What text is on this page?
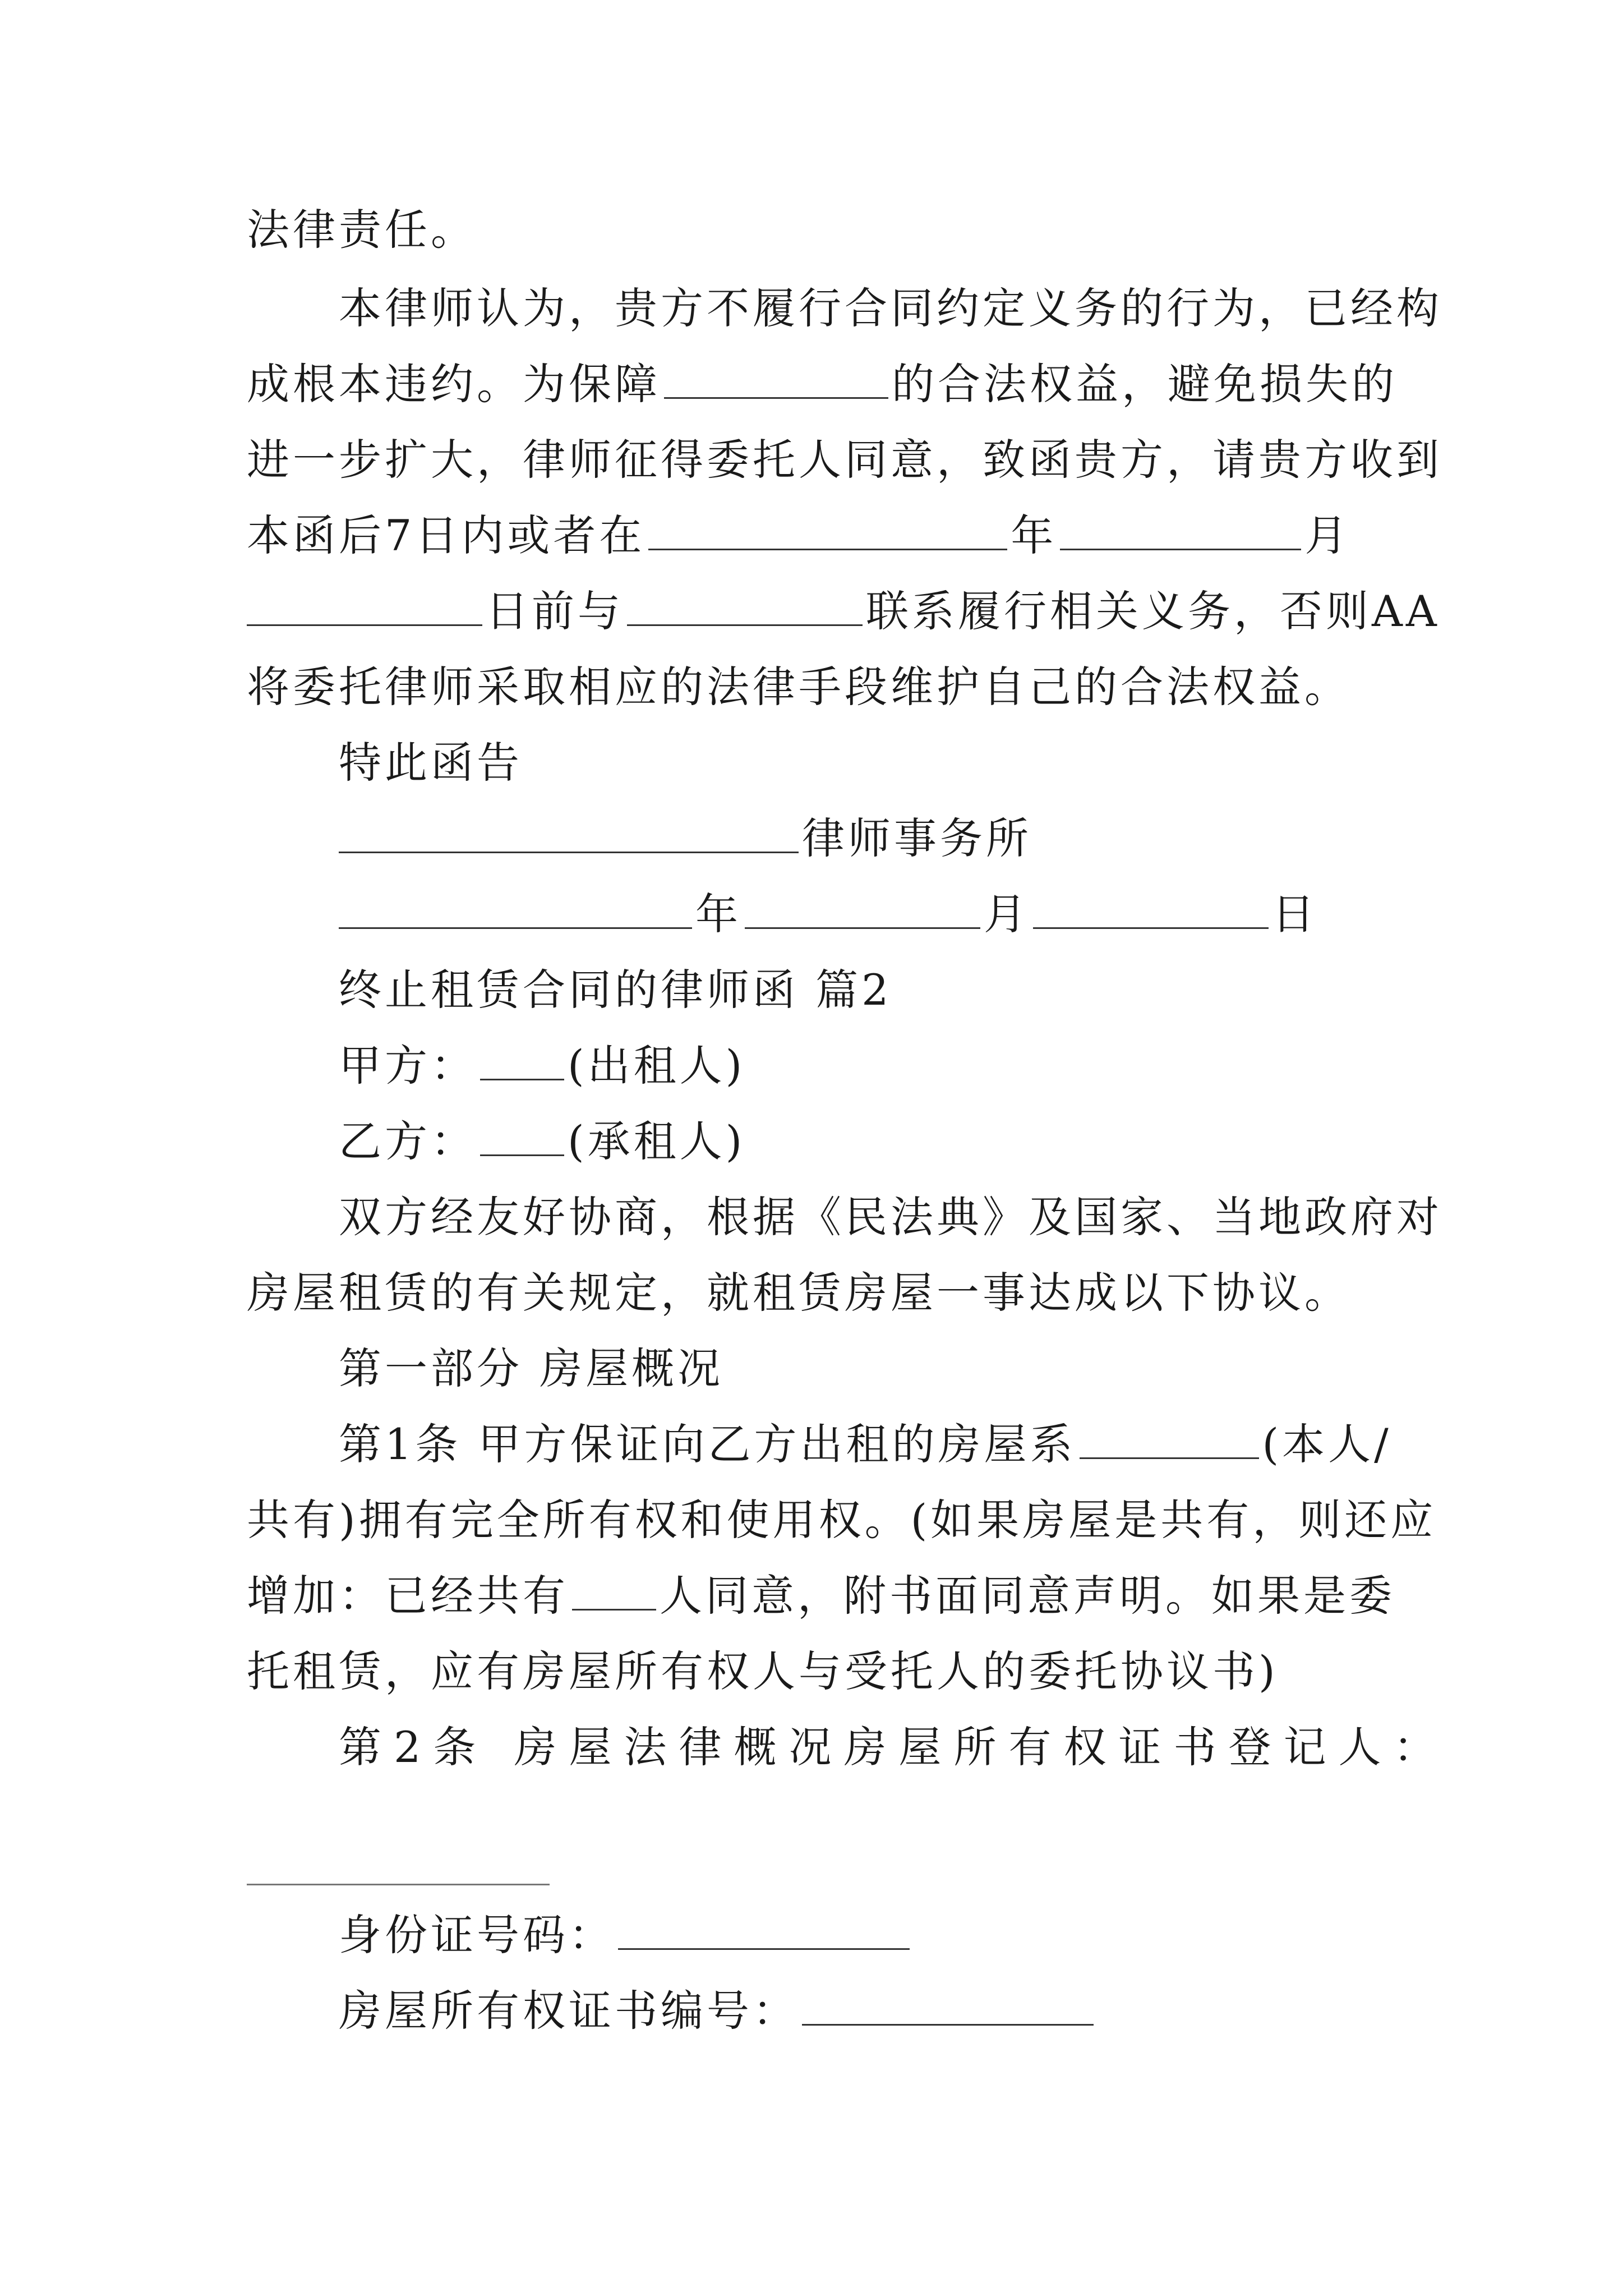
法律责任。
本律师认为，贵方不履行合同约定义务的行为，已经构
成根本违约。为保障	的合法权益，避免损失的
进一步扩大，律师征得委托人同意，致函贵方，请贵方收到
本函后7日内或者在	年	月
日前与	联系履行相关义务，否则AA
将委托律师采取相应的法律手段维护自己的合法权益。
特此函告
律师事务所
年	月	日
终止租赁合同的律师函 篇2
甲方： (出租人)
乙方： (承租人)
双方经友好协商，根据《民法典》及国家、当地政府对
房屋租赁的有关规定，就租赁房屋一事达成以下协议。
第一部分 房屋概况
第1条 甲方保证向乙方出租的房屋系	(本人/
共有)拥有完全所有权和使用权。(如果房屋是共有，则还应
增加：已经共有 人同意，附书面同意声明。如果是委
托租赁，应有房屋所有权人与受托人的委托协议书)
第2条 房屋法律概况房屋所有权证书登记人：
身份证号码：
房屋所有权证书编号：
